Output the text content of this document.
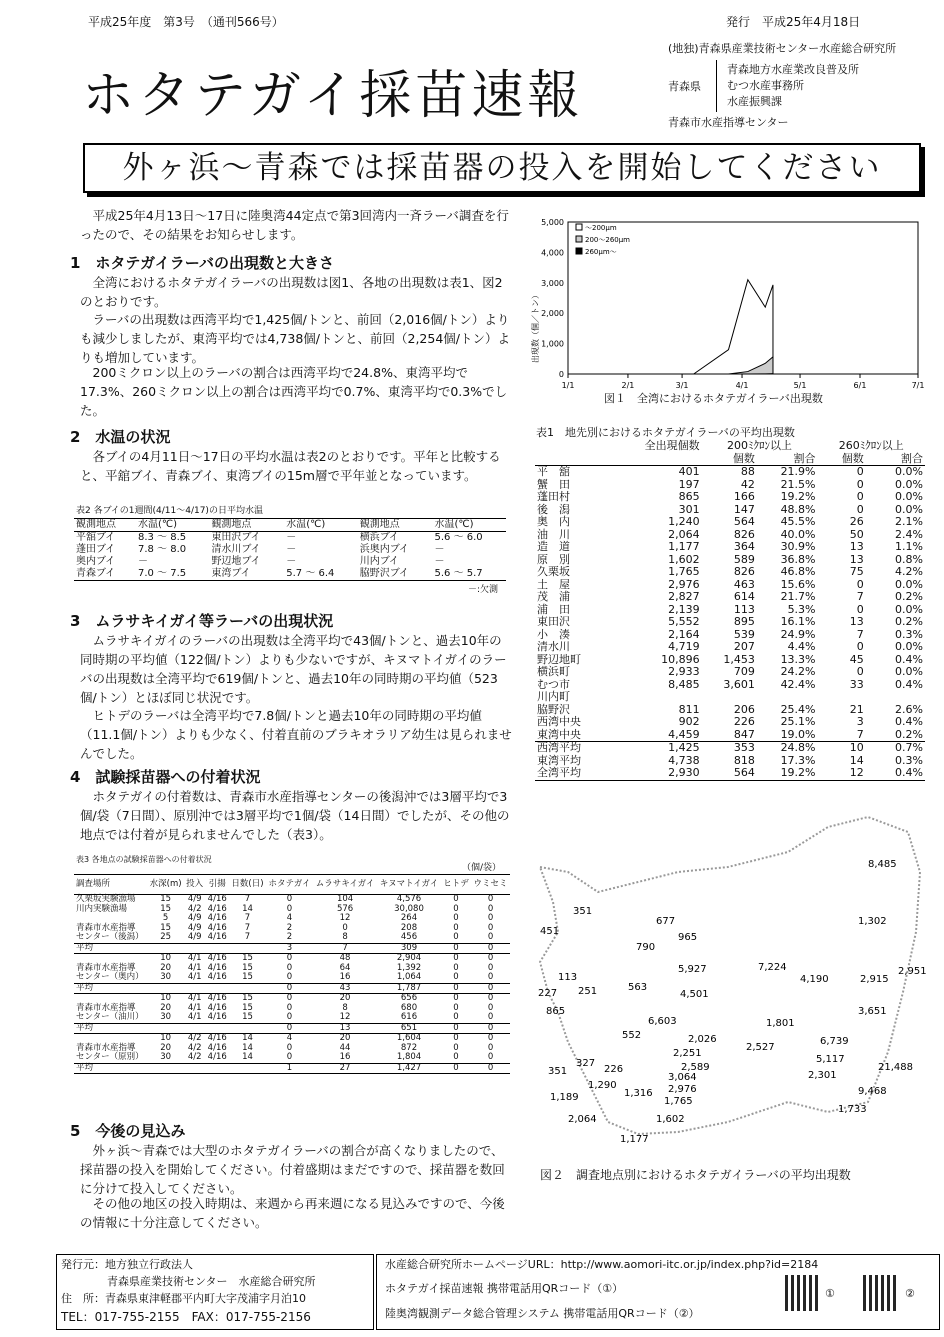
平成25年度　第3号　（通刊566号）	発行　平成25年4月18日
ホタテガイ採苗速報
(地独)青森県産業技術センター水産総合研究所
青森県
青森地方水産業改良普及所
むつ水産事務所
水産振興課
青森市水産指導センター
外ヶ浜～青森では採苗器の投入を開始してください
平成25年4月13日～17日に陸奥湾44定点で第3回湾内一斉ラーバ調査を行ったので、その結果をお知らせします。
1　ホタテガイラーバの出現数と大きさ
全湾におけるホタテガイラーバの出現数は図1、各地の出現数は表1、図2のとおりです。
ラーバの出現数は西湾平均で1,425個/トンと、前回（2,016個/トン）よりも減少しましたが、東湾平均では4,738個/トンと、前回（2,254個/トン）よりも増加しています。
200ミクロン以上のラーバの割合は西湾平均で24.8%、東湾平均で17.3%、260ミクロン以上の割合は西湾平均で0.7%、東湾平均で0.3%でした。
2　水温の状況
各ブイの4月11日～17日の平均水温は表2のとおりです。平年と比較すると、平舘ブイ、青森ブイ、東湾ブイの15m層で平年並となっています。
表2 各ブイの1週間(4/11～4/17)の日平均水温
観測地点	水温(℃)	観測地点	水温(℃)	観測地点	水温(℃)
平舘ブイ	8.3 ～ 8.5	東田沢ブイ	－	横浜ブイ	5.6 ～ 6.0
蓬田ブイ	7.8 ～ 8.0	清水川ブイ	－	浜奥内ブイ	－
奥内ブイ	－	野辺地ブイ	－	川内ブイ	－
青森ブイ	7.0 ～ 7.5	東湾ブイ	5.7 ～ 6.4	脇野沢ブイ	5.6 ～ 5.7
－:欠測
3　ムラサキイガイ等ラーバの出現状況
ムラサキイガイのラーバの出現数は全湾平均で43個/トンと、過去10年の同時期の平均値（122個/トン）よりも少ないですが、キヌマトイガイのラーバの出現数は全湾平均で619個/トンと、過去10年の同時期の平均値（523個/トン）とほぼ同じ状況です。
ヒトデのラーバは全湾平均で7.8個/トンと過去10年の同時期の平均値（11.1個/トン）よりも少なく、付着直前のブラキオラリア幼生は見られませんでした。
4　試験採苗器への付着状況
ホタテガイの付着数は、青森市水産指導センターの後潟沖では3層平均で3個/袋（7日間）、原別沖では3層平均で1個/袋（14日間）でしたが、その他の地点では付着が見られませんでした（表3）。
表3 各地点の試験採苗器への付着状況
（個/袋）
調査場所	水深(m)	投入	引揚	日数(日)	ホタテガイ	ムラサキイガイ	キヌマトイガイ	ヒトデ	ウミセミ
久栗坂実験漁場	15	4/9	4/16	7	0	104	4,576	0	0
川内実験漁場	15	4/2	4/16	14	0	576	30,080	0	0
	5	4/9	4/16	7	4	12	264	0	0
青森市水産指導	15	4/9	4/16	7	2	0	208	0	0
センター（後潟）	25	4/9	4/16	7	2	8	456	0	0
平均					3	7	309	0	0
	10	4/1	4/16	15	0	48	2,904	0	0
青森市水産指導	20	4/1	4/16	15	0	64	1,392	0	0
センター（奥内）	30	4/1	4/16	15	0	16	1,064	0	0
平均					0	43	1,787	0	0
	10	4/1	4/16	15	0	20	656	0	0
青森市水産指導	20	4/1	4/16	15	0	8	680	0	0
センター（油川）	30	4/1	4/16	15	0	12	616	0	0
平均					0	13	651	0	0
	10	4/2	4/16	14	4	20	1,604	0	0
青森市水産指導	20	4/2	4/16	14	0	44	872	0	0
センター（原別）	30	4/2	4/16	14	0	16	1,804	0	0
平均					1	27	1,427	0	0
5　今後の見込み
外ヶ浜～青森では大型のホタテガイラーバの割合が高くなりましたので、採苗器の投入を開始してください。付着盛期はまだですので、採苗器を数回に分けて投入してください。
その他の地区の投入時期は、来週から再来週になる見込みですので、今後の情報に十分注意してください。
0
1,000
2,000
3,000
4,000
5,000
1/1	2/1	3/1	4/1	5/1	6/1	7/1
出現数（個／トン）
～200μm
200～260μm
260μm～
図１　全湾におけるホタテガイラーバ出現数
表1　地先別におけるホタテガイラーバの平均出現数
	全出現個数	200ﾐｸﾛﾝ以上		260ﾐｸﾛﾝ以上	
		個数	割合	個数	割合
平　舘	401	88	21.9%	0	0.0%
蟹　田	197	42	21.5%	0	0.0%
蓬田村	865	166	19.2%	0	0.0%
後　潟	301	147	48.8%	0	0.0%
奥　内	1,240	564	45.5%	26	2.1%
油　川	2,064	826	40.0%	50	2.4%
造　道	1,177	364	30.9%	13	1.1%
原　別	1,602	589	36.8%	13	0.8%
久栗坂	1,765	826	46.8%	75	4.2%
土　屋	2,976	463	15.6%	0	0.0%
茂　浦	2,827	614	21.7%	7	0.2%
浦　田	2,139	113	5.3%	0	0.0%
東田沢	5,552	895	16.1%	13	0.2%
小　湊	2,164	539	24.9%	7	0.3%
清水川	4,719	207	4.4%	0	0.0%
野辺地町	10,896	1,453	13.3%	45	0.4%
横浜町	2,933	709	24.2%	0	0.0%
むつ市	8,485	3,601	42.4%	33	0.4%
川内町					
脇野沢	811	206	25.4%	21	2.6%
西湾中央	902	226	25.1%	3	0.4%
東湾中央	4,459	847	19.0%	7	0.2%
西湾平均	1,425	353	24.8%	10	0.7%
東湾平均	4,738	818	17.3%	14	0.3%
全湾平均	2,930	564	19.2%	12	0.4%
8,485
1,302
351
677
965
451
790
7,224	2,951
113
5,927
4,190	2,915
227 251	563
4,501
865	3,651
6,603	1,801
552	2,026	6,739
2,527
2,251
5,117
327	2,589	21,488
351	226
3,064	2,301
1,290	2,976	9,468
1,189	1,316
1,765
1,733
2,064	1,602
1,177
図２　調査地点別におけるホタテガイラーバの平均出現数
発行元：地方独立行政法人
青森県産業技術センター　水産総合研究所
住　所：青森県東津軽郡平内町大字茂浦字月泊10
TEL：017-755-2155　FAX：017-755-2156
水産総合研究所ホームページURL：http://www.aomori-itc.or.jp/index.php?id=2184
ホタテガイ採苗速報 携帯電話用QRコード（①）
陸奥湾観測データ総合管理システム 携帯電話用QRコード（②）
①	②
